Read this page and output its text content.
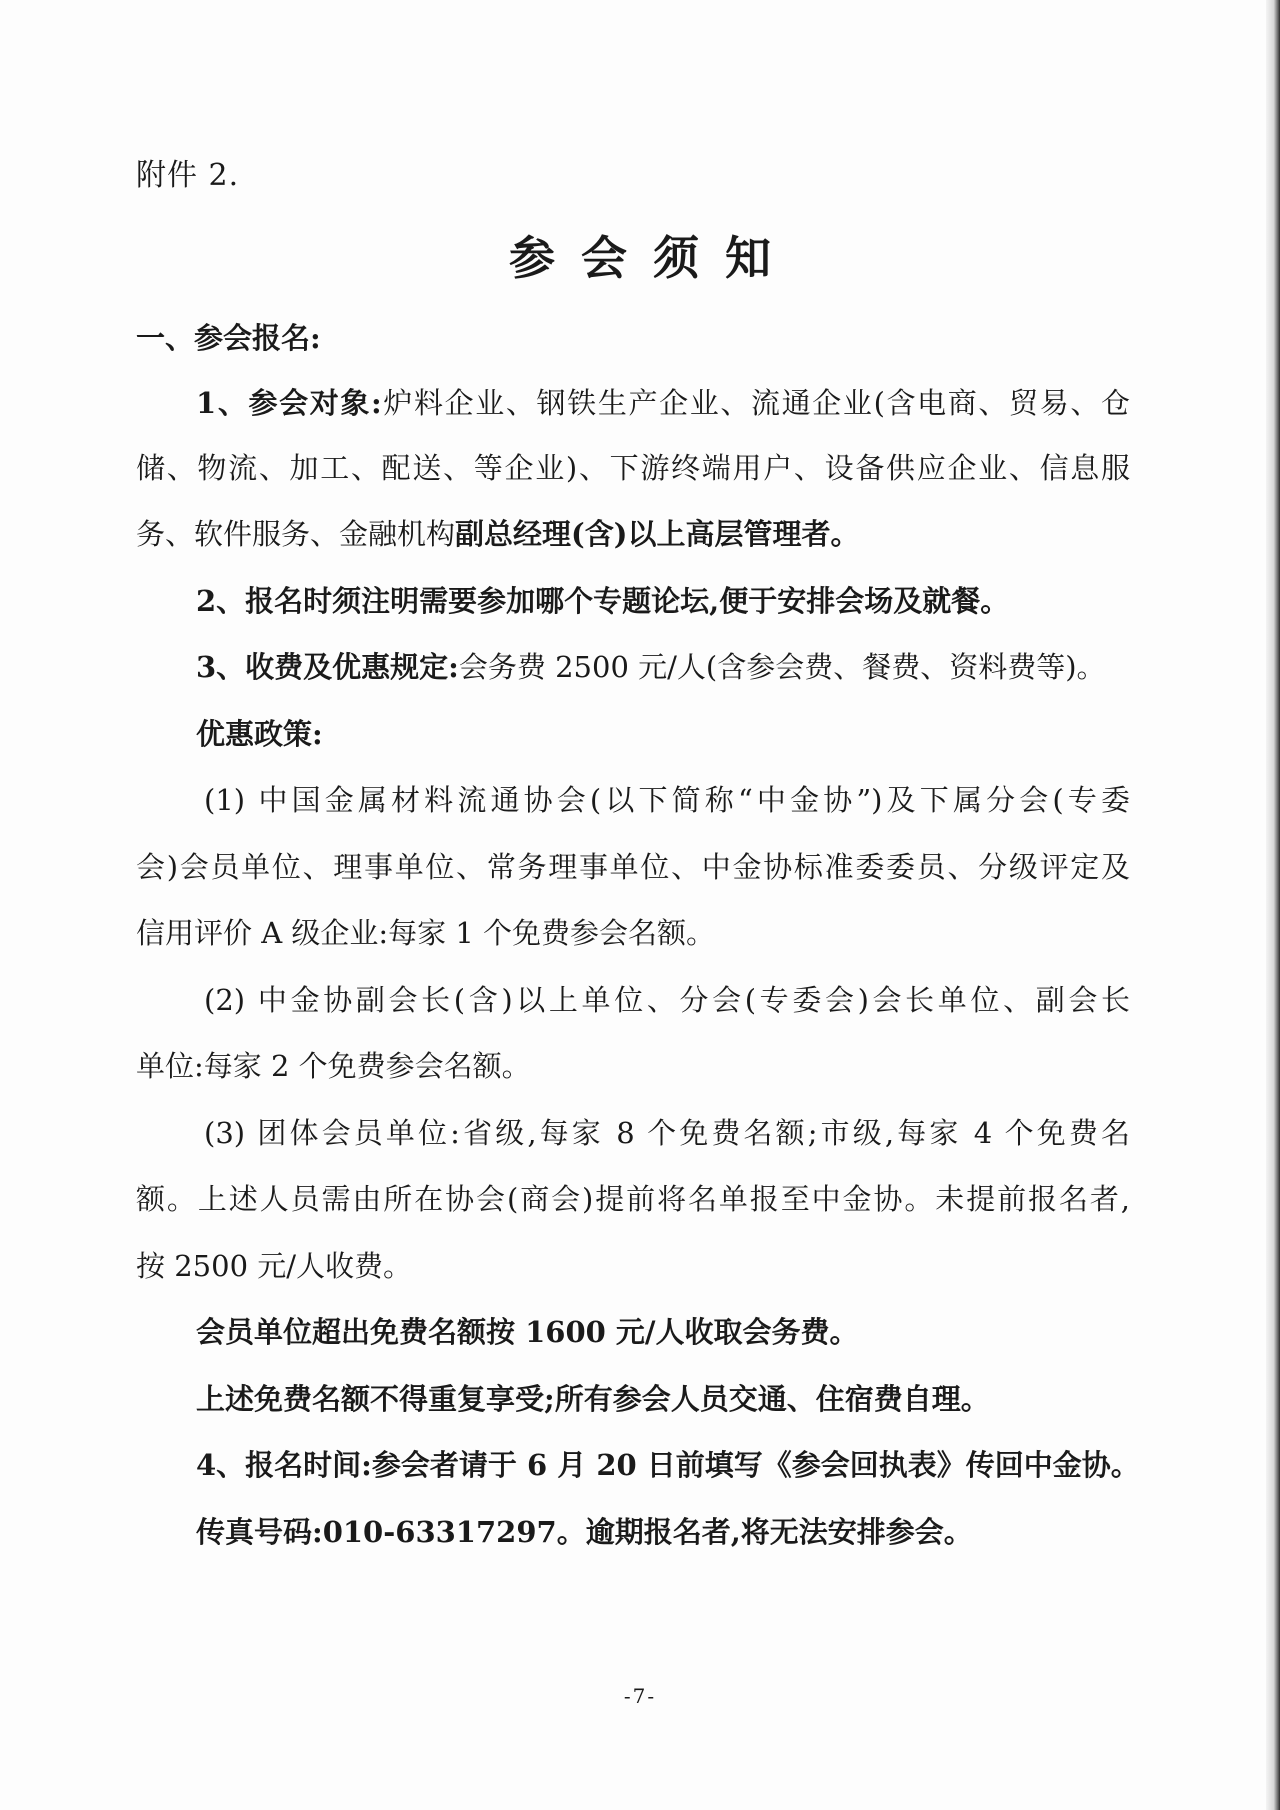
附件 2.
参会须知
一、参会报名:
1、参会对象:炉料企业、钢铁生产企业、流通企业(含电商、贸易、仓
储、物流、加工、配送、等企业)、下游终端用户、设备供应企业、信息服
务、软件服务、金融机构副总经理(含)以上高层管理者。
2、报名时须注明需要参加哪个专题论坛,便于安排会场及就餐。
3、收费及优惠规定:会务费 2500 元/人(含参会费、餐费、资料费等)。
优惠政策:
(1) 中国金属材料流通协会(以下简称“中金协”)及下属分会(专委
会)会员单位、理事单位、常务理事单位、中金协标准委委员、分级评定及
信用评价 A 级企业:每家 1 个免费参会名额。
(2) 中金协副会长(含)以上单位、分会(专委会)会长单位、副会长
单位:每家 2 个免费参会名额。
(3) 团体会员单位:省级,每家 8 个免费名额;市级,每家 4 个免费名
额。上述人员需由所在协会(商会)提前将名单报至中金协。未提前报名者,
按 2500 元/人收费。
会员单位超出免费名额按 1600 元/人收取会务费。
上述免费名额不得重复享受;所有参会人员交通、住宿费自理。
4、报名时间:参会者请于 6 月 20 日前填写《参会回执表》传回中金协。
传真号码:010-63317297。逾期报名者,将无法安排参会。
-7-
